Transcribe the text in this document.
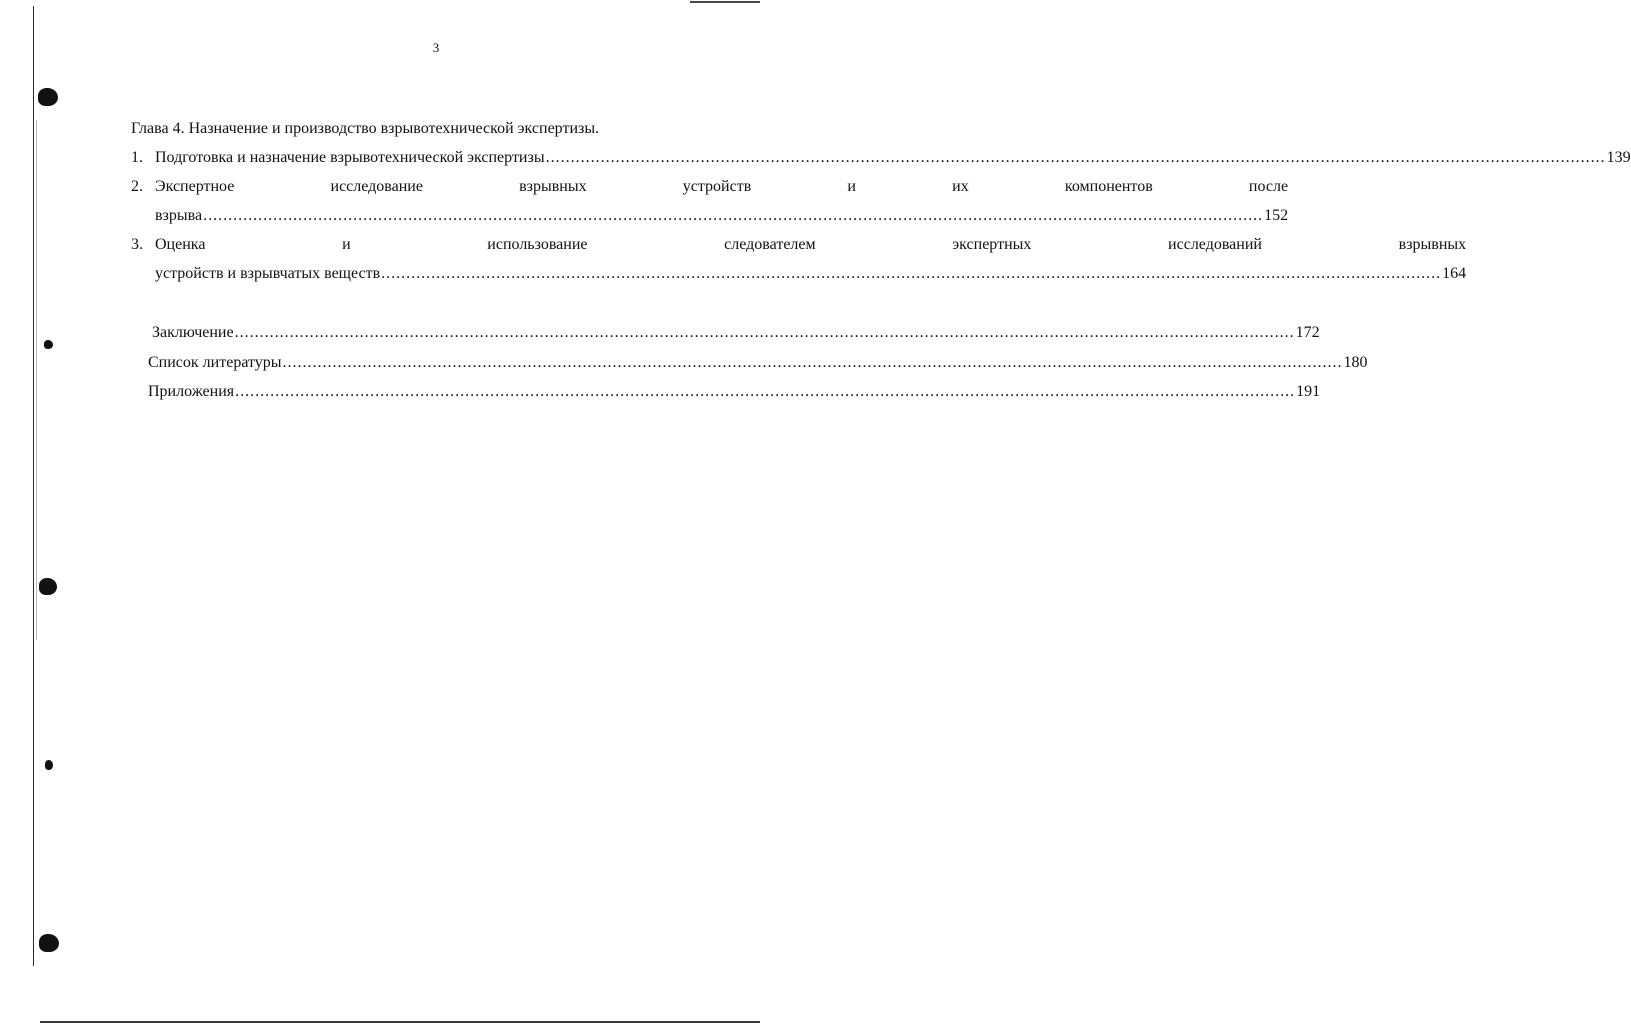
3
Глава 4. Назначение и производство взрывотехнической экспертизы.
1. Подготовка и назначение взрывотехнической экспертизы .....	139
2. Экспертное исследование взрывных устройств и их компонентов после
взрыва .....	152
3. Оценка и использование следователем экспертных исследований взрывных
устройств и взрывчатых веществ .....	164
Заключение .....	172
Список литературы .....	180
Приложения .....	191
